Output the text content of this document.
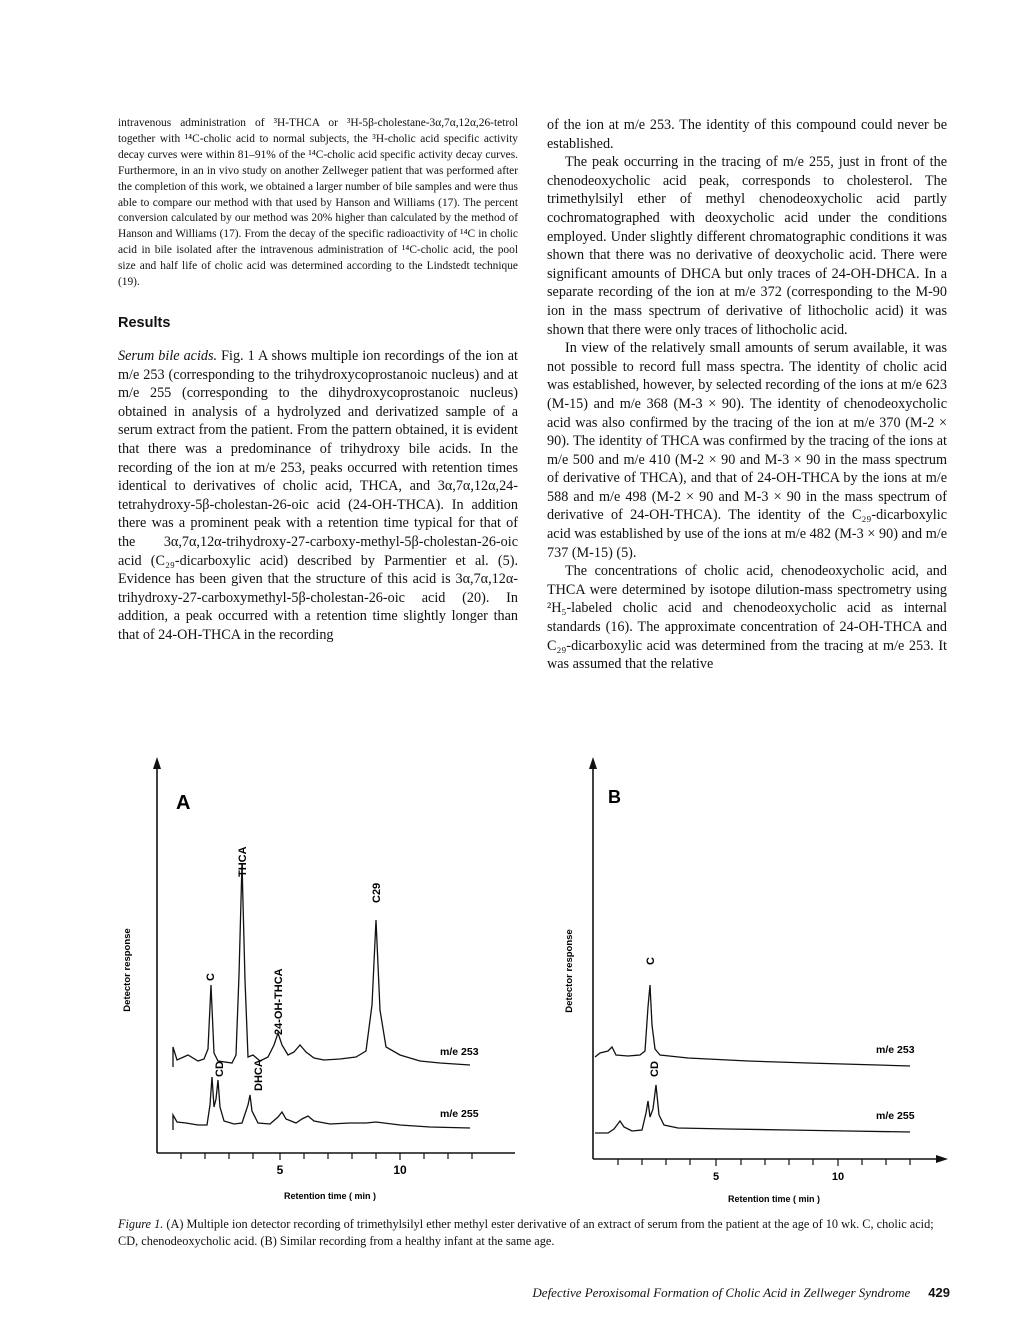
intravenous administration of ³H-THCA or ³H-5β-cholestane-3α,7α,12α,26-tetrol together with ¹⁴C-cholic acid to normal subjects, the ³H-cholic acid specific activity decay curves were within 81–91% of the ¹⁴C-cholic acid specific activity decay curves. Furthermore, in an in vivo study on another Zellweger patient that was performed after the completion of this work, we obtained a larger number of bile samples and were thus able to compare our method with that used by Hanson and Williams (17). The percent conversion calculated by our method was 20% higher than calculated by the method of Hanson and Williams (17). From the decay of the specific radioactivity of ¹⁴C in cholic acid in bile isolated after the intravenous administration of ¹⁴C-cholic acid, the pool size and half life of cholic acid was determined according to the Lindstedt technique (19).

Results

Serum bile acids. Fig. 1 A shows multiple ion recordings of the ion at m/e 253 (corresponding to the trihydroxycoprostanoic nucleus) and at m/e 255 (corresponding to the dihydroxycoprostanoic nucleus) obtained in analysis of a hydrolyzed and derivatized sample of a serum extract from the patient. From the pattern obtained, it is evident that there was a predominance of trihydroxy bile acids. In the recording of the ion at m/e 253, peaks occurred with retention times identical to derivatives of cholic acid, THCA, and 3α,7α,12α,24-tetrahydroxy-5β-cholestan-26-oic acid (24-OH-THCA). In addition there was a prominent peak with a retention time typical for that of the 3α,7α,12α-trihydroxy-27-carboxy-methyl-5β-cholestan-26-oic acid (C₂₉-dicarboxylic acid) described by Parmentier et al. (5). Evidence has been given that the structure of this acid is 3α,7α,12α-trihydroxy-27-carboxymethyl-5β-cholestan-26-oic acid (20). In addition, a peak occurred with a retention time slightly longer than that of 24-OH-THCA in the recording

of the ion at m/e 253. The identity of this compound could never be established.

The peak occurring in the tracing of m/e 255, just in front of the chenodeoxycholic acid peak, corresponds to cholesterol. The trimethylsilyl ether of methyl chenodeoxycholic acid partly cochromatographed with deoxycholic acid under the conditions employed. Under slightly different chromatographic conditions it was shown that there was no derivative of deoxycholic acid. There were significant amounts of DHCA but only traces of 24-OH-DHCA. In a separate recording of the ion at m/e 372 (corresponding to the M-90 ion in the mass spectrum of derivative of lithocholic acid) it was shown that there were only traces of lithocholic acid.

In view of the relatively small amounts of serum available, it was not possible to record full mass spectra. The identity of cholic acid was established, however, by selected recording of the ions at m/e 623 (M-15) and m/e 368 (M-3 × 90). The identity of chenodeoxycholic acid was also confirmed by the tracing of the ion at m/e 370 (M-2 × 90). The identity of THCA was confirmed by the tracing of the ions at m/e 500 and m/e 410 (M-2 × 90 and M-3 × 90 in the mass spectrum of derivative of THCA), and that of 24-OH-THCA by the ions at m/e 588 and m/e 498 (M-2 × 90 and M-3 × 90 in the mass spectrum of derivative of 24-OH-THCA). The identity of the C₂₉-dicarboxylic acid was established by use of the ions at m/e 482 (M-3 × 90) and m/e 737 (M-15) (5).

The concentrations of cholic acid, chenodeoxycholic acid, and THCA were determined by isotope dilution-mass spectrometry using ²H₅-labeled cholic acid and chenodeoxycholic acid as internal standards (16). The approximate concentration of 24-OH-THCA and C₂₉-dicarboxylic acid was determined from the tracing at m/e 253. It was assumed that the relative

5	10
Retention time ( min )
Detector response
A
m/e 253
m/e 255
C
THCA
24-OH-THCA
C29
CD DHCA
5	10
Retention time ( min )
Detector response
B
m/e 253
m/e 255
C
CD
Figure 1. (A) Multiple ion detector recording of trimethylsilyl ether methyl ester derivative of an extract of serum from the patient at the age of 10 wk. C, cholic acid; CD, chenodeoxycholic acid. (B) Similar recording from a healthy infant at the same age.
Defective Peroxisomal Formation of Cholic Acid in Zellweger Syndrome 429
